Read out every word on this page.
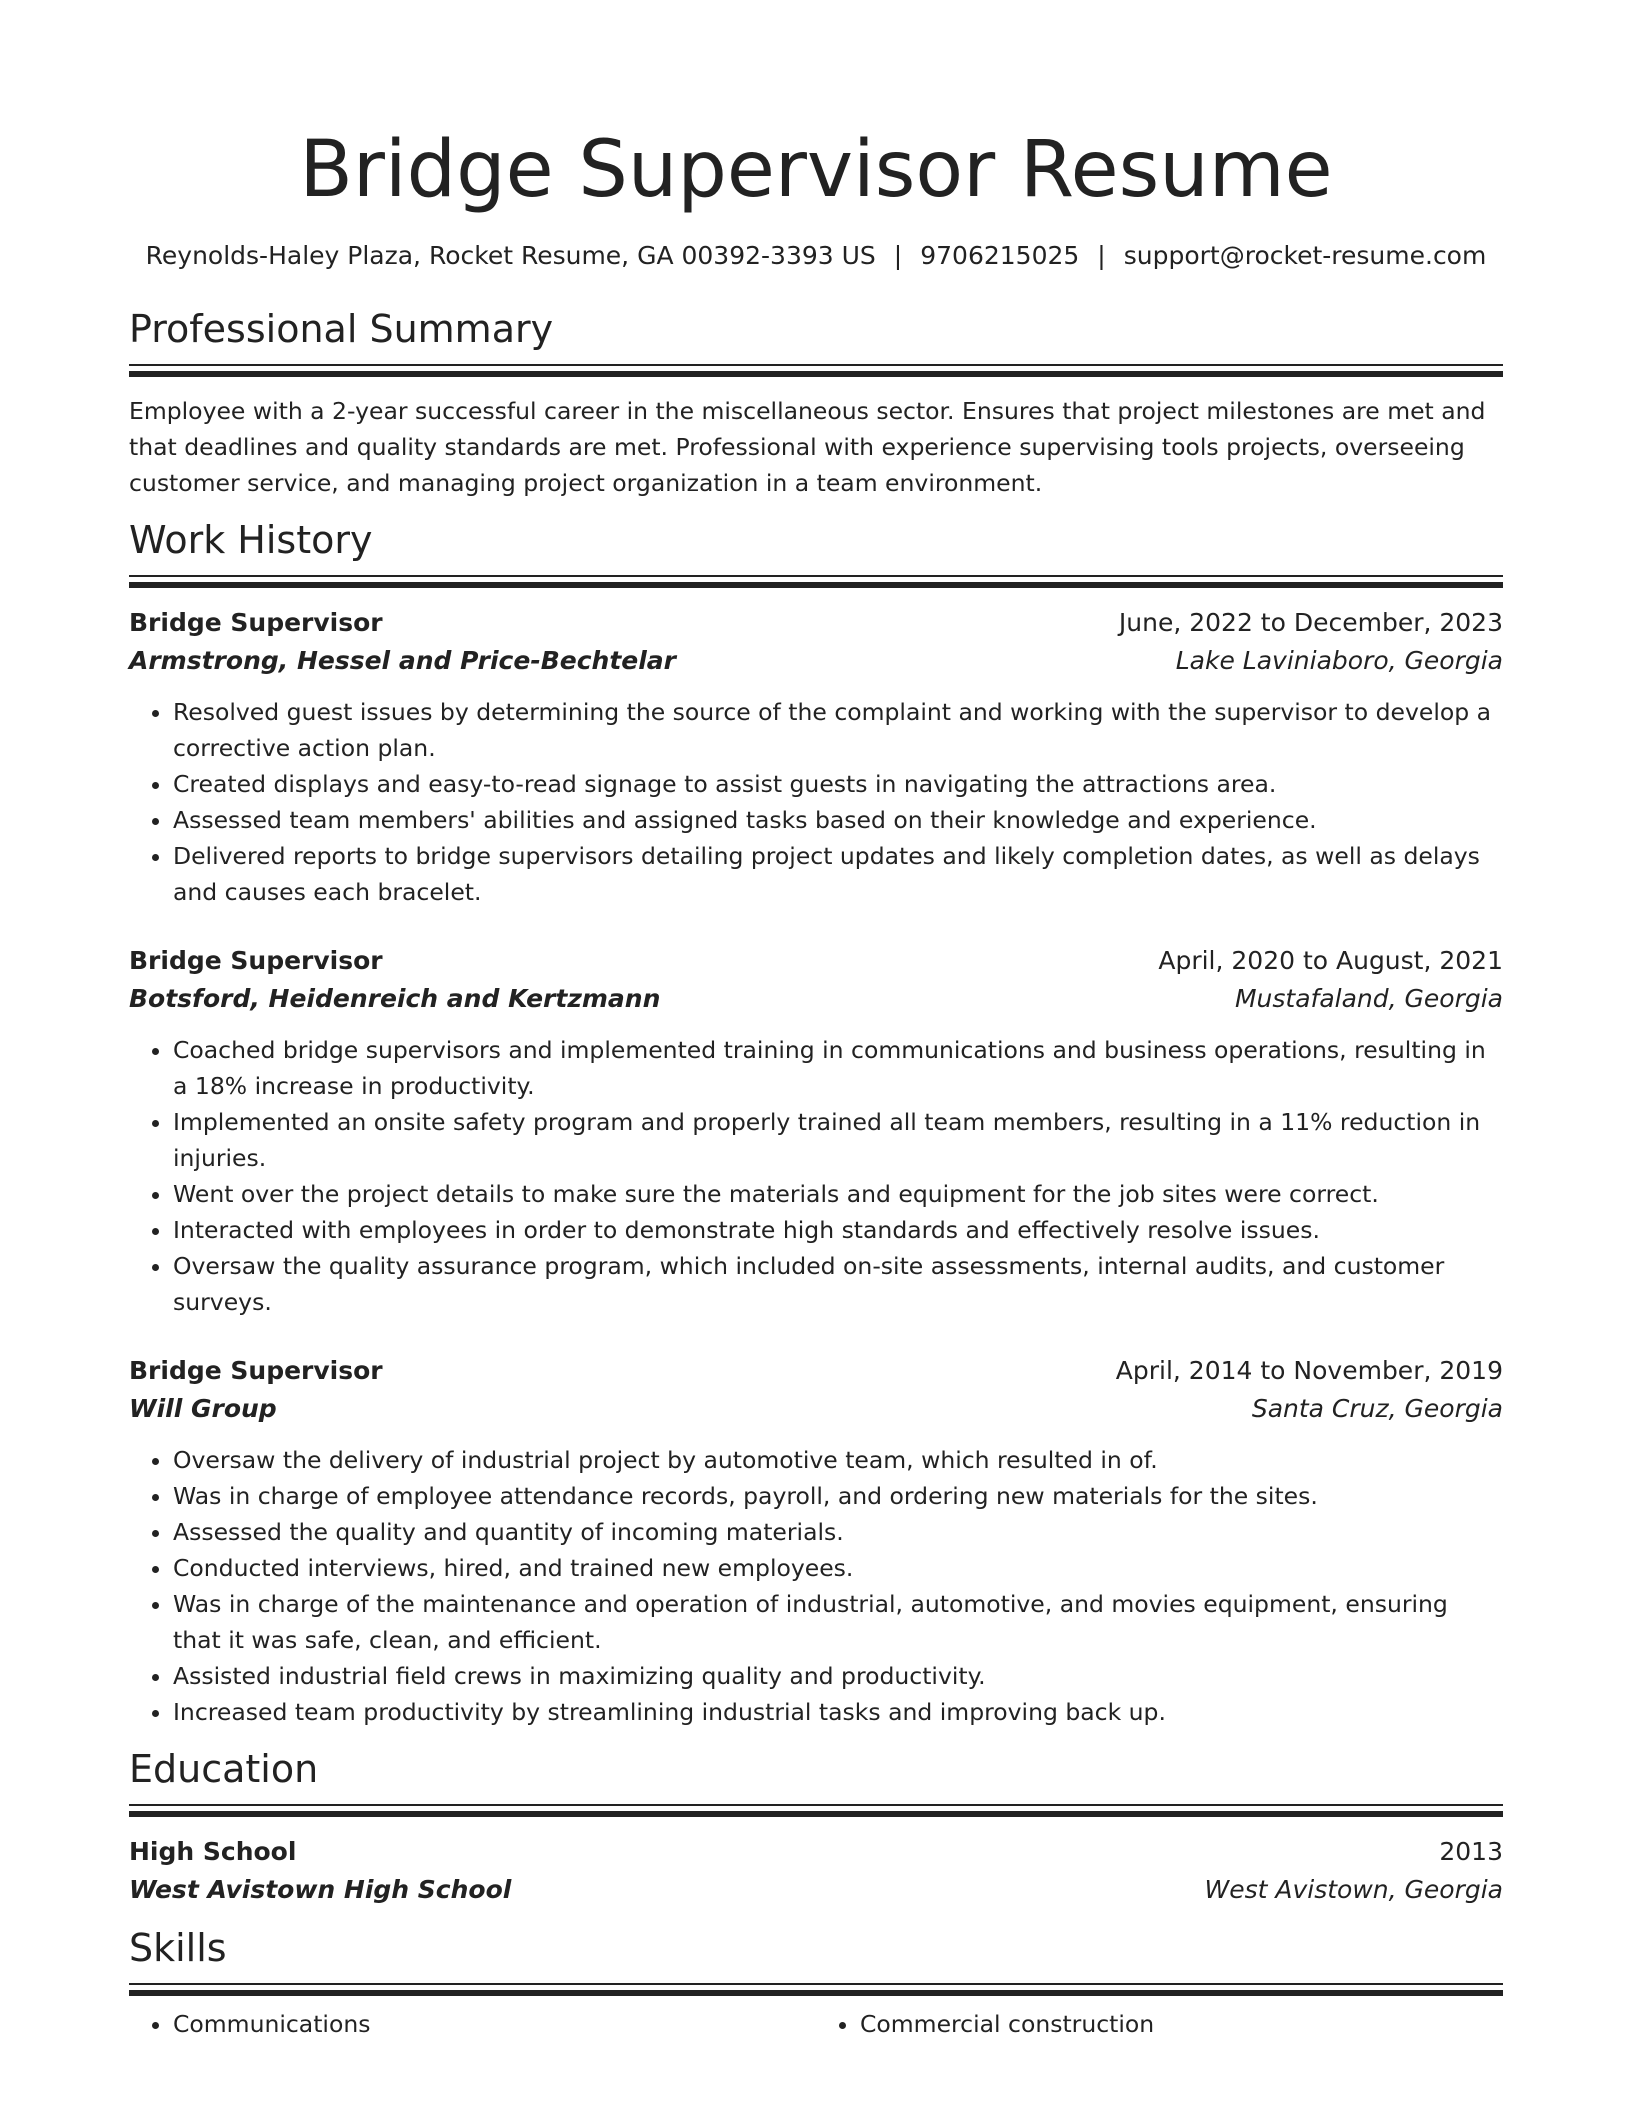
Bridge Supervisor Resume
Reynolds-Haley Plaza, Rocket Resume, GA 00392-3393 US | 9706215025 | support@rocket-resume.com
Professional Summary

Employee with a 2-year successful career in the miscellaneous sector. Ensures that project milestones are met and that deadlines and quality standards are met. Professional with experience supervising tools projects, overseeing customer service, and managing project organization in a team environment.

Work History
Bridge Supervisor	June, 2022 to December, 2023
Armstrong, Hessel and Price-Bechtelar	Lake Laviniaboro, Georgia
• Resolved guest issues by determining the source of the complaint and working with the supervisor to develop a corrective action plan.
• Created displays and easy-to-read signage to assist guests in navigating the attractions area.
• Assessed team members' abilities and assigned tasks based on their knowledge and experience.
• Delivered reports to bridge supervisors detailing project updates and likely completion dates, as well as delays and causes each bracelet.
Bridge Supervisor	April, 2020 to August, 2021
Botsford, Heidenreich and Kertzmann	Mustafaland, Georgia
• Coached bridge supervisors and implemented training in communications and business operations, resulting in a 18% increase in productivity.
• Implemented an onsite safety program and properly trained all team members, resulting in a 11% reduction in injuries.
• Went over the project details to make sure the materials and equipment for the job sites were correct.
• Interacted with employees in order to demonstrate high standards and effectively resolve issues.
• Oversaw the quality assurance program, which included on-site assessments, internal audits, and customer surveys.
Bridge Supervisor	April, 2014 to November, 2019
Will Group	Santa Cruz, Georgia
• Oversaw the delivery of industrial project by automotive team, which resulted in of.
• Was in charge of employee attendance records, payroll, and ordering new materials for the sites.
• Assessed the quality and quantity of incoming materials.
• Conducted interviews, hired, and trained new employees.
• Was in charge of the maintenance and operation of industrial, automotive, and movies equipment, ensuring that it was safe, clean, and efficient.
• Assisted industrial field crews in maximizing quality and productivity.
• Increased team productivity by streamlining industrial tasks and improving back up.
Education
High School	2013
West Avistown High School	West Avistown, Georgia
Skills
• Communications
•	Commercial construction
